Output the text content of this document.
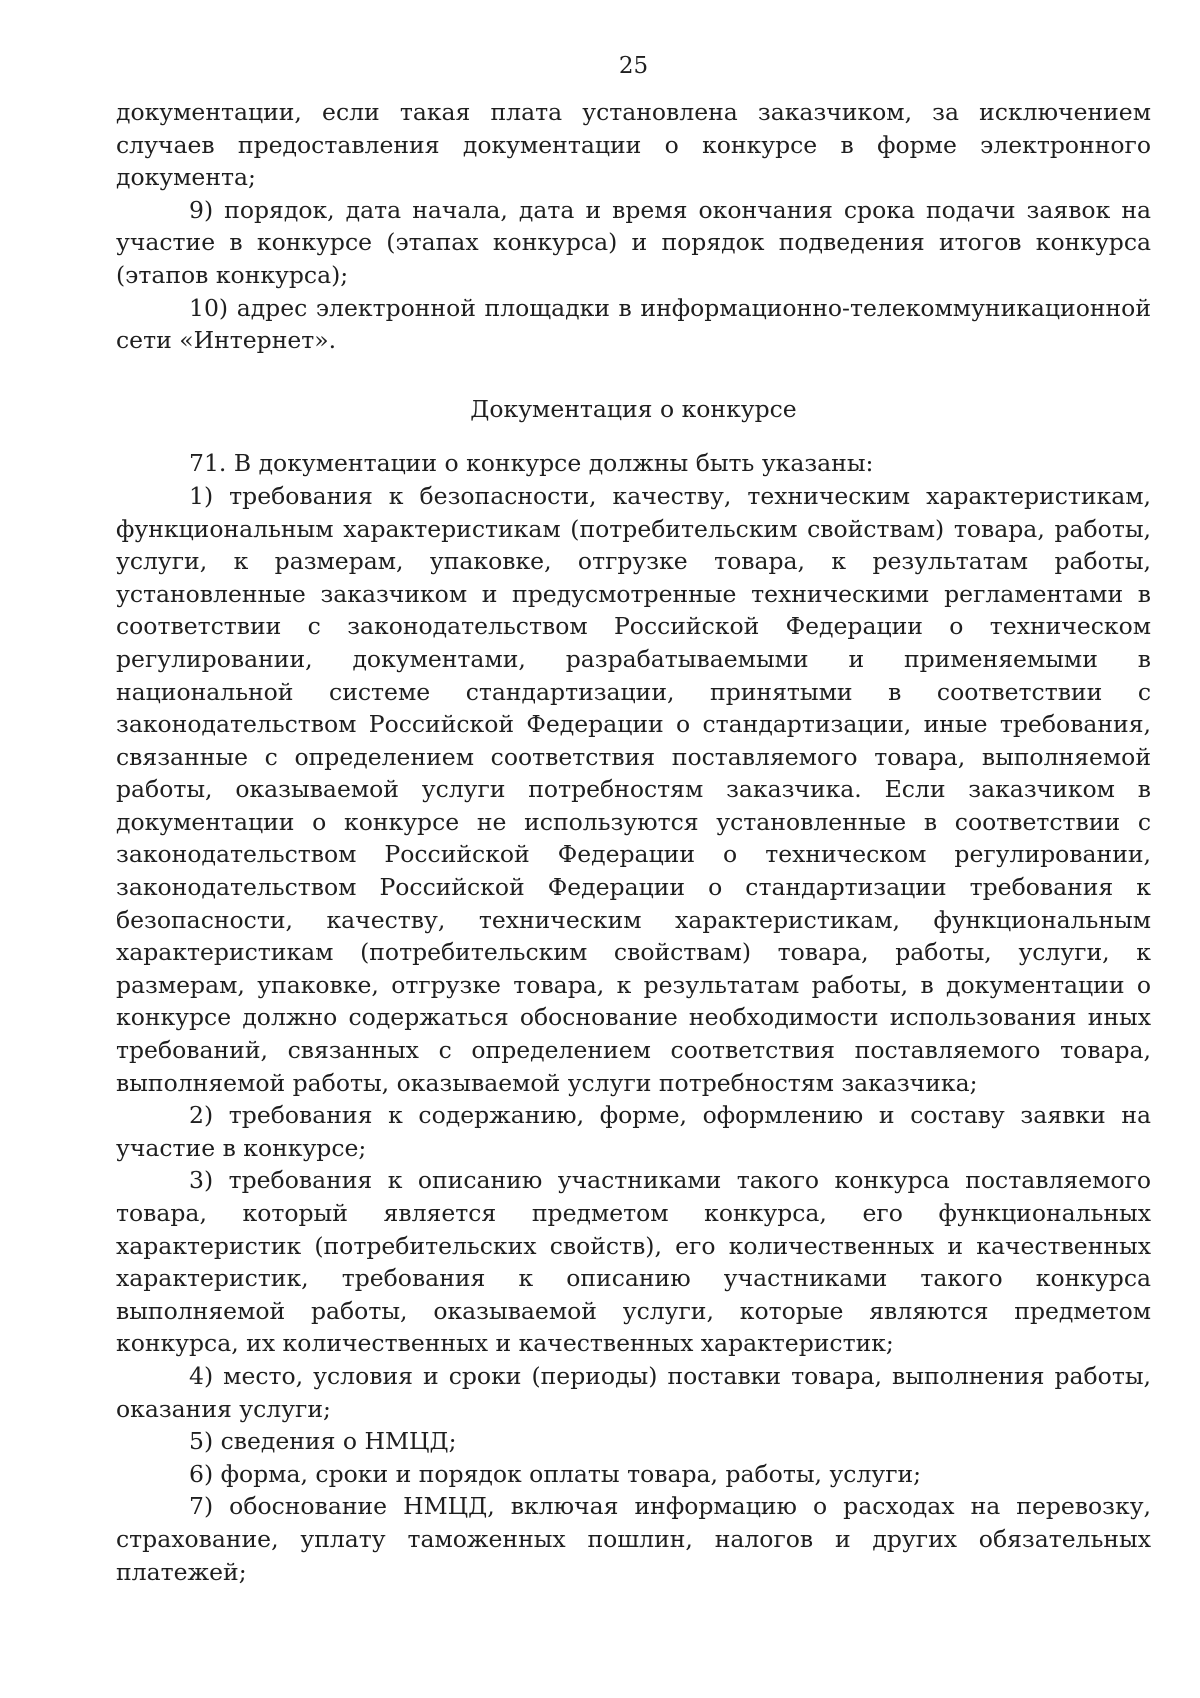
25

документации, если такая плата установлена заказчиком, за исключением случаев предоставления документации о конкурсе в форме электронного документа;

9) порядок, дата начала, дата и время окончания срока подачи заявок на участие в конкурсе (этапах конкурса) и порядок подведения итогов конкурса (этапов конкурса);

10) адрес электронной площадки в информационно-телекоммуникационной сети «Интернет».

Документация о конкурсе

71. В документации о конкурсе должны быть указаны:

1) требования к безопасности, качеству, техническим характеристикам, функциональным характеристикам (потребительским свойствам) товара, работы, услуги, к размерам, упаковке, отгрузке товара, к результатам работы, установленные заказчиком и предусмотренные техническими регламентами в соответствии с законодательством Российской Федерации о техническом регулировании, документами, разрабатываемыми и применяемыми в национальной системе стандартизации, принятыми в соответствии с законодательством Российской Федерации о стандартизации, иные требования, связанные с определением соответствия поставляемого товара, выполняемой работы, оказываемой услуги потребностям заказчика. Если заказчиком в документации о конкурсе не используются установленные в соответствии с законодательством Российской Федерации о техническом регулировании, законодательством Российской Федерации о стандартизации требования к безопасности, качеству, техническим характеристикам, функциональным характеристикам (потребительским свойствам) товара, работы, услуги, к размерам, упаковке, отгрузке товара, к результатам работы, в документации о конкурсе должно содержаться обоснование необходимости использования иных требований, связанных с определением соответствия поставляемого товара, выполняемой работы, оказываемой услуги потребностям заказчика;

2) требования к содержанию, форме, оформлению и составу заявки на участие в конкурсе;

3) требования к описанию участниками такого конкурса поставляемого товара, который является предметом конкурса, его функциональных характеристик (потребительских свойств), его количественных и качественных характеристик, требования к описанию участниками такого конкурса выполняемой работы, оказываемой услуги, которые являются предметом конкурса, их количественных и качественных характеристик;

4) место, условия и сроки (периоды) поставки товара, выполнения работы, оказания услуги;

5) сведения о НМЦД;

6) форма, сроки и порядок оплаты товара, работы, услуги;

7) обоснование НМЦД, включая информацию о расходах на перевозку, страхование, уплату таможенных пошлин, налогов и других обязательных платежей;
